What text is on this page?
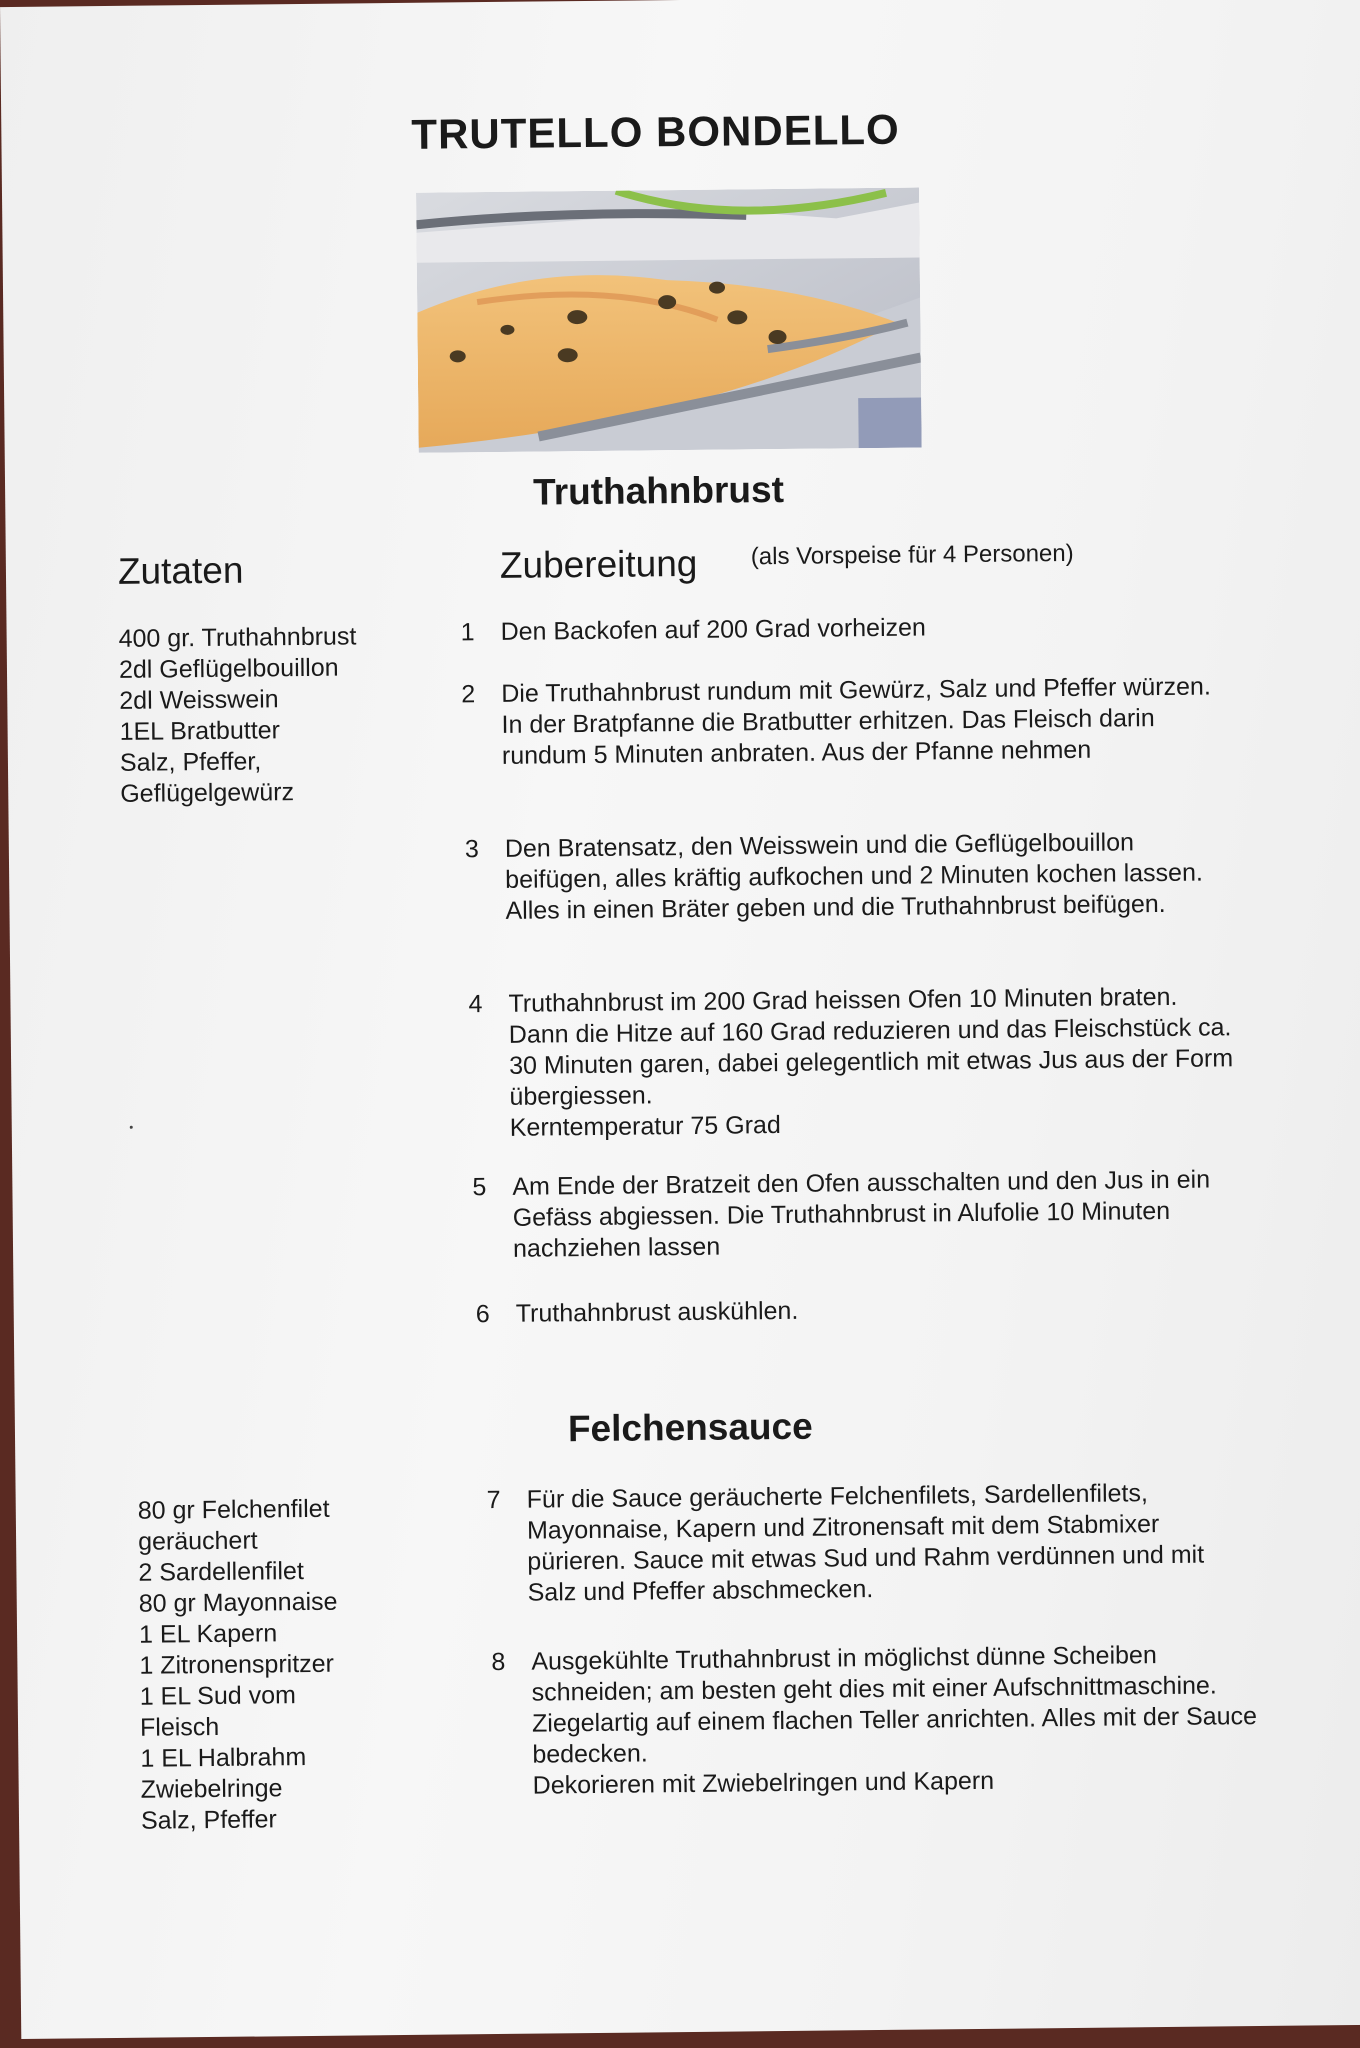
TRUTELLO BONDELLO
Truthahnbrust
Zutaten	Zubereitung (als Vorspeise für 4 Personen)
400 gr. Truthahnbrust
2dl Geflügelbouillon
2dl Weisswein
1EL Bratbutter
Salz, Pfeffer,
Geflügelgewürz
1 Den Backofen auf 200 Grad vorheizen
2 Die Truthahnbrust rundum mit Gewürz, Salz und Pfeffer würzen. In der Bratpfanne die Bratbutter erhitzen. Das Fleisch darin rundum 5 Minuten anbraten. Aus der Pfanne nehmen
3 Den Bratensatz, den Weisswein und die Geflügelbouillon beifügen, alles kräftig aufkochen und 2 Minuten kochen lassen. Alles in einen Bräter geben und die Truthahnbrust beifügen.
4 Truthahnbrust im 200 Grad heissen Ofen 10 Minuten braten. Dann die Hitze auf 160 Grad reduzieren und das Fleischstück ca. 30 Minuten garen, dabei gelegentlich mit etwas Jus aus der Form übergiessen.
Kerntemperatur 75 Grad
5 Am Ende der Bratzeit den Ofen ausschalten und den Jus in ein Gefäss abgiessen. Die Truthahnbrust in Alufolie 10 Minuten nachziehen lassen
6 Truthahnbrust auskühlen.
Felchensauce
80 gr Felchenfilet
geräuchert
2 Sardellenfilet
80 gr Mayonnaise
1 EL Kapern
1 Zitronenspritzer
1 EL Sud vom
Fleisch
1 EL Halbrahm
Zwiebelringe
Salz, Pfeffer
7 Für die Sauce geräucherte Felchenfilets, Sardellenfilets, Mayonnaise, Kapern und Zitronensaft mit dem Stabmixer pürieren. Sauce mit etwas Sud und Rahm verdünnen und mit Salz und Pfeffer abschmecken.
8 Ausgekühlte Truthahnbrust in möglichst dünne Scheiben schneiden; am besten geht dies mit einer Aufschnittmaschine. Ziegelartig auf einem flachen Teller anrichten. Alles mit der Sauce bedecken.
Dekorieren mit Zwiebelringen und Kapern
